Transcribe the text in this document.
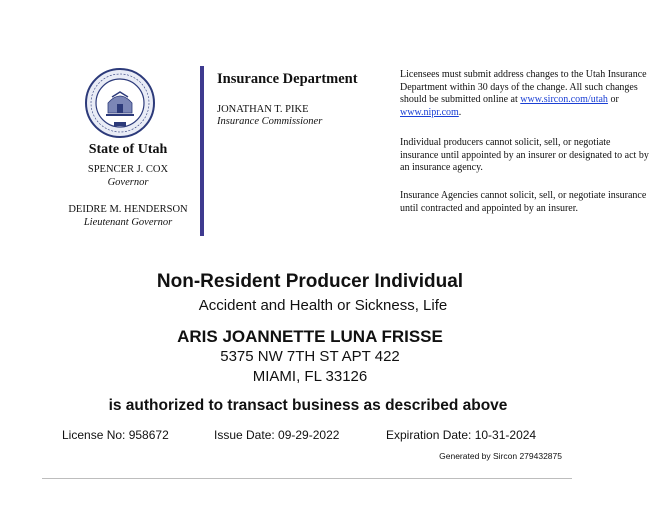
State of Utah
SPENCER J. COX
Governor
DEIDRE M. HENDERSON
Lieutenant Governor
Insurance Department
JONATHAN T. PIKE
Insurance Commissioner
Licensees must submit address changes to the Utah Insurance Department within 30 days of the change. All such changes should be submitted online at www.sircon.com/utah or www.nipr.com.
Individual producers cannot solicit, sell, or negotiate insurance until appointed by an insurer or designated to act by an insurance agency.
Insurance Agencies cannot solicit, sell, or negotiate insurance until contracted and appointed by an insurer.
Non-Resident Producer Individual
Accident and Health or Sickness, Life
ARIS JOANNETTE LUNA FRISSE
5375 NW 7TH ST APT 422
MIAMI, FL 33126
is authorized to transact business as described above
License No: 958672	Issue Date: 09-29-2022	Expiration Date: 10-31-2024
Generated by Sircon 279432875
